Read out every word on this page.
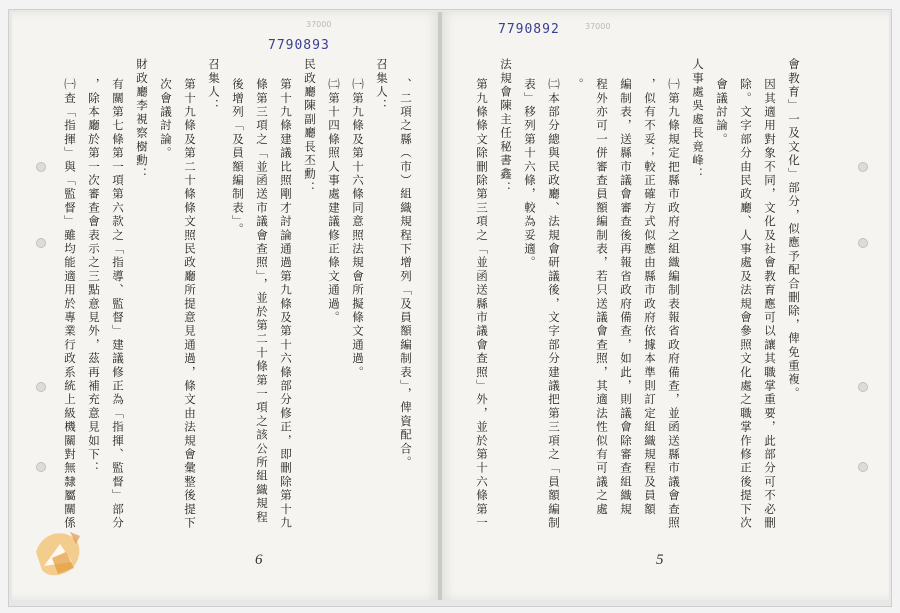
37000	37000
7790893
7790892
會教育」一及文化」部分，似應予配合刪除，俾免重複。
因其適用對象不同，文化及社會教育應可以讓其職掌重要，此部分可不必刪
除。文字部分由民政廳、人事處及法規會參照文化處之職掌作修正後提下次
會議討論。
人事處吳處長竟峰：
㈠第九條規定把縣市政府之組織編制表報省政府備查，並函送縣市議會查照
，似有不妥；較正確方式似應由縣市政府依據本準則訂定組織規程及員額
編制表，送縣市議會審查後再報省政府備查，如此，則議會除審查組織規
程外亦可一併審查員額編制表，若只送議會查照，其適法性似有可議之處
。
㈡本部分總與民政廳、法規會研議後，文字部分建議把第三項之「員額編制
表」移列第十六條，較為妥適。
法規會陳主任秘書鑫：
第九條條文除刪除第三項之「並函送縣市議會查照」外，並於第十六條第一
、二項之縣（市）組織規程下增列「及員額編制表」，俾資配合。
召集人：
㈠第九條及第十六條同意照法規會所擬條文通過。
㈡第十四條照人事處建議修正條文通過。
民政廳陳副廳長丕勳：
第十九條建議比照剛才討論通過第九條及第十六條部分修正，即刪除第十九
條第三項之「並函送市議會查照」，並於第二十條第一項之該公所組織規程
後增列「及員額編制表」。
召集人：
第十九條及第二十條條文照民政廳所提意見通過，條文由法規會彙整後提下
次會議討論。
財政廳李視察樹勳：
有關第七條第一項第六款之「指導、監督」建議修正為「指揮、監督」部分
，除本廳於第一次審查會表示之三點意見外，茲再補充意見如下：
㈠查「指揮」與「監督」雖均能適用於專業行政系統上級機關對無隸屬關係
6	5
